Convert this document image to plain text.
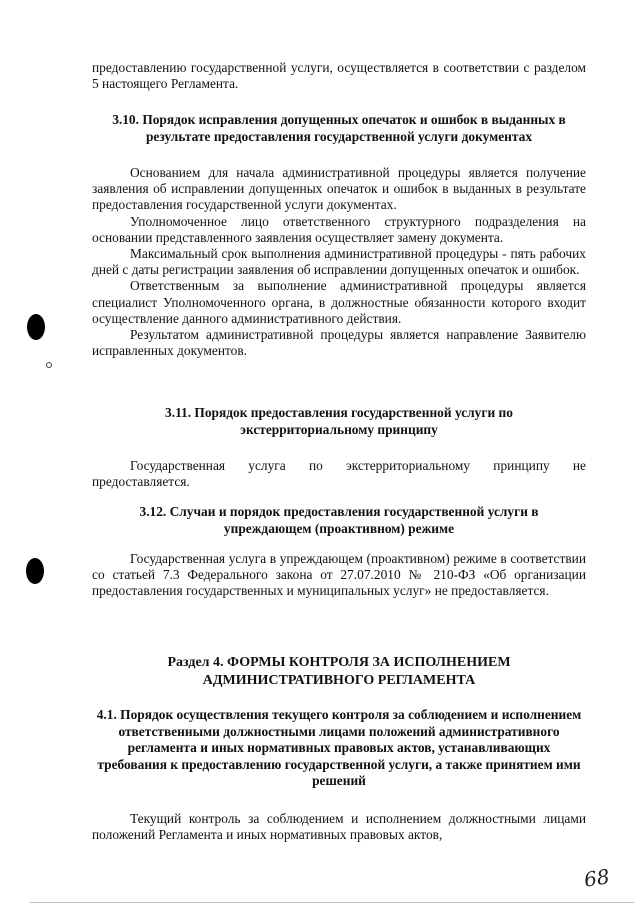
предоставлению государственной услуги, осуществляется в соответствии с разделом 5 настоящего Регламента.

3.10. Порядок исправления допущенных опечаток и ошибок в выданных в результате предоставления государственной услуги документах

Основанием для начала административной процедуры является получение заявления об исправлении допущенных опечаток и ошибок в выданных в результате предоставления государственной услуги документах.

Уполномоченное лицо ответственного структурного подразделения на основании представленного заявления осуществляет замену документа.

Максимальный срок выполнения административной процедуры - пять рабочих дней с даты регистрации заявления об исправлении допущенных опечаток и ошибок.

Ответственным за выполнение административной процедуры является специалист Уполномоченного органа, в должностные обязанности которого входит осуществление данного административного действия.

Результатом административной процедуры является направление Заявителю исправленных документов.

3.11. Порядок предоставления государственной услуги по экстерриториальному принципу

Государственная услуга по экстерриториальному принципу не предоставляется.

3.12. Случаи и порядок предоставления государственной услуги в упреждающем (проактивном) режиме

Государственная услуга в упреждающем (проактивном) режиме в соответствии со статьей 7.3 Федерального закона от 27.07.2010 № 210-ФЗ «Об организации предоставления государственных и муниципальных услуг» не предоставляется.

Раздел 4. ФОРМЫ КОНТРОЛЯ ЗА ИСПОЛНЕНИЕМ
АДМИНИСТРАТИВНОГО РЕГЛАМЕНТА
4.1. Порядок осуществления текущего контроля за соблюдением и исполнением ответственными должностными лицами положений административного регламента и иных нормативных правовых актов, устанавливающих требования к предоставлению государственной услуги, а также принятием ими решений

Текущий контроль за соблюдением и исполнением должностными лицами положений Регламента и иных нормативных правовых актов,

68
